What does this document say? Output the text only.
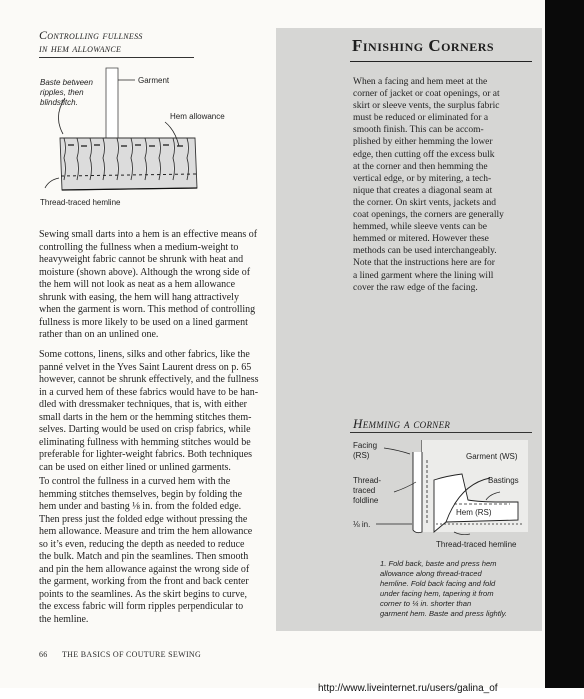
Controlling fullness
in hem allowance

Baste between
ripples, then
blindstitch.

Garment

Hem allowance

Thread-traced hemline

Sewing small darts into a hem is an effective means of
controlling the fullness when a medium-weight to
heavyweight fabric cannot be shrunk with heat and
moisture (shown above). Although the wrong side of
the hem will not look as neat as a hem allowance
shrunk with easing, the hem will hang attractively
when the garment is worn. This method of controlling
fullness is more likely to be used on a lined garment
rather than on an unlined one.
Some cottons, linens, silks and other fabrics, like the
panné velvet in the Yves Saint Laurent dress on p. 65
however, cannot be shrunk effectively, and the fullness
in a curved hem of these fabrics would have to be han-
dled with dressmaker techniques, that is, with either
small darts in the hem or the hemming stitches them-
selves. Darting would be used on crisp fabrics, while
eliminating fullness with hemming stitches would be
preferable for lighter-weight fabrics. Both techniques
can be used on either lined or unlined garments.
To control the fullness in a curved hem with the
hemming stitches themselves, begin by folding the
hem under and basting ⅛ in. from the folded edge.
Then press just the folded edge without pressing the
hem allowance. Measure and trim the hem allowance
so it’s even, reducing the depth as needed to reduce
the bulk. Match and pin the seamlines. Then smooth
and pin the hem allowance against the wrong side of
the garment, working from the front and back center
points to the seamlines. As the skirt begins to curve,
the excess fabric will form ripples perpendicular to
the hemline.
Finishing Corners
When a facing and hem meet at the
corner of jacket or coat openings, or at
skirt or sleeve vents, the surplus fabric
must be reduced or eliminated for a
smooth finish. This can be accom-
plished by either hemming the lower
edge, then cutting off the excess bulk
at the corner and then hemming the
vertical edge, or by mitering, a tech-
nique that creates a diagonal seam at
the corner. On skirt vents, jackets and
coat openings, the corners are generally
hemmed, while sleeve vents can be
hemmed or mitered. However these
methods can be used interchangeably.
Note that the instructions here are for
a lined garment where the lining will
cover the raw edge of the facing.
Hemming a corner

Facing
(RS)	Garment (WS)

Bastings

Thread-
traced
foldline

Hem (RS)

⅛ in.

Thread-traced hemline

1. Fold back, baste and press hem
allowance along thread-traced
hemline. Fold back facing and fold
under facing hem, tapering it from
corner to ¼ in. shorter than
garment hem. Baste and press lightly.

66 THE BASICS OF COUTURE SEWING

http://www.liveinternet.ru/users/galina_of
